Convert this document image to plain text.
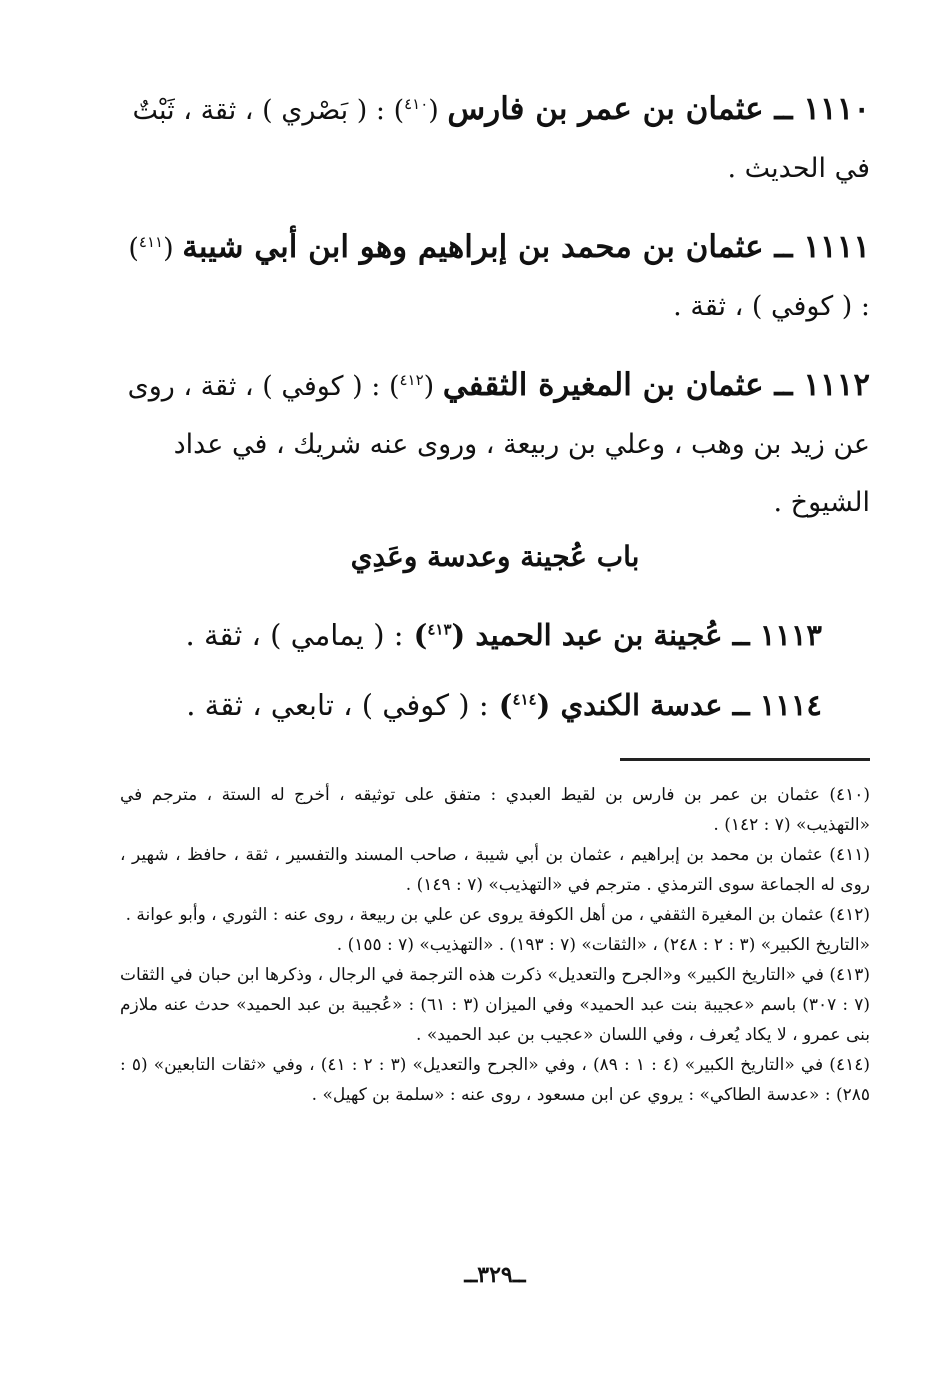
١١١٠ ــ عثمان بن عمر بن فارس ($^{٤١٠}$) : ( بَصْري ) ، ثقة ، ثَبْتٌ في الحديث .

١١١١ ــ عثمان بن محمد بن إبراهيم وهو ابن أبي شيبة ($^{٤١١}$) : ( كوفي ) ، ثقة .

١١١٢ ــ عثمان بن المغيرة الثقفي ($^{٤١٢}$) : ( كوفي ) ، ثقة ، روى عن زيد بن وهب ، وعلي بن ربيعة ، وروى عنه شريك ، في عداد الشيوخ .

باب عُجينة وعدسة وعَدِي
١١١٣ ــ عُجينة بن عبد الحميد ($^{٤١٣}$) : ( يمامي ) ، ثقة .
١١١٤ ــ عدسة الكندي ($^{٤١٤}$) : ( كوفي ) ، تابعي ، ثقة .

(٤١٠) عثمان بن عمر بن فارس بن لقيط العبدي : متفق على توثيقه ، أخرج له الستة ، مترجم في «التهذيب» (٧ : ١٤٢) .

(٤١١) عثمان بن محمد بن إبراهيم ، عثمان بن أبي شيبة ، صاحب المسند والتفسير ، ثقة ، حافظ ، شهير ، روى له الجماعة سوى الترمذي . مترجم في «التهذيب» (٧ : ١٤٩) .

(٤١٢) عثمان بن المغيرة الثقفي ، من أهل الكوفة يروى عن علي بن ربيعة ، روى عنه : الثوري ، وأبو عوانة .

«التاريخ الكبير» (٣ : ٢ : ٢٤٨) ، «الثقات» (٧ : ١٩٣) . «التهذيب» (٧ : ١٥٥) .

(٤١٣) في «التاريخ الكبير» و«الجرح والتعديل» ذكرت هذه الترجمة في الرجال ، وذكرها ابن حبان في الثقات (٧ : ٣٠٧) باسم «عجيبة بنت عبد الحميد» وفي الميزان (٣ : ٦١) : «عُجيبة بن عبد الحميد» حدث عنه ملازم بنى عمرو ، لا يكاد يُعرف ، وفي اللسان «عجيب بن عبد الحميد» .

(٤١٤) في «التاريخ الكبير» (٤ : ١ : ٨٩) ، وفي «الجرح والتعديل» (٣ : ٢ : ٤١) ، وفي «ثقات التابعين» (٥ : ٢٨٥) : «عدسة الطاكي» : يروي عن ابن مسعود ، روى عنه : «سلمة بن كهيل» .

ــ٣٢٩ــ
